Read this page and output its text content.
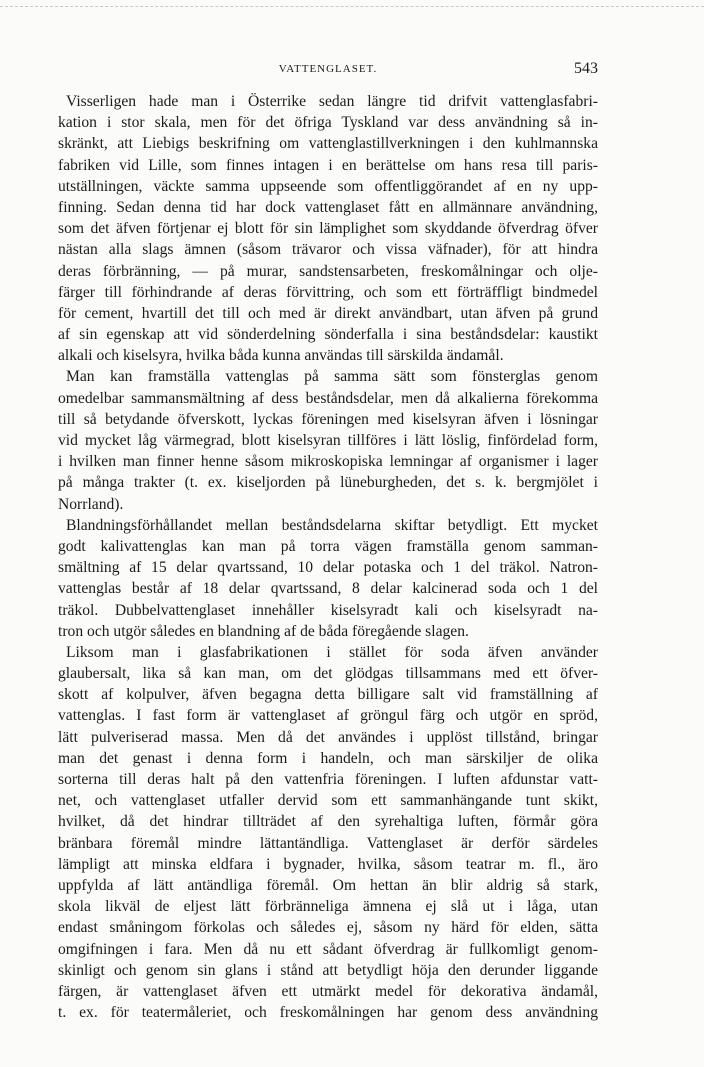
VATTENGLASET.	543
Visserligen hade man i Österrike sedan längre tid drifvit vattenglasfabri-
kation i stor skala, men för det öfriga Tyskland var dess användning så in-
skränkt, att Liebigs beskrifning om vattenglastillverkningen i den kuhlmannska
fabriken vid Lille, som finnes intagen i en berättelse om hans resa till paris-
utställningen, väckte samma uppseende som offentliggörandet af en ny upp-
finning. Sedan denna tid har dock vattenglaset fått en allmännare användning,
som det äfven förtjenar ej blott för sin lämplighet som skyddande öfverdrag öfver
nästan alla slags ämnen (såsom trävaror och vissa väfnader), för att hindra
deras förbränning, — på murar, sandstensarbeten, freskomålningar och olje-
färger till förhindrande af deras förvittring, och som ett förträffligt bindmedel
för cement, hvartill det till och med är direkt användbart, utan äfven på grund
af sin egenskap att vid sönderdelning sönderfalla i sina beståndsdelar: kaustikt
alkali och kiselsyra, hvilka båda kunna användas till särskilda ändamål.
Man kan framställa vattenglas på samma sätt som fönsterglas genom
omedelbar sammansmältning af dess beståndsdelar, men då alkalierna förekomma
till så betydande öfverskott, lyckas föreningen med kiselsyran äfven i lösningar
vid mycket låg värmegrad, blott kiselsyran tillföres i lätt löslig, finfördelad form,
i hvilken man finner henne såsom mikroskopiska lemningar af organismer i lager
på många trakter (t. ex. kiseljorden på lüneburgheden, det s. k. bergmjölet i
Norrland).
Blandningsförhållandet mellan beståndsdelarna skiftar betydligt. Ett mycket
godt kalivattenglas kan man på torra vägen framställa genom samman-
smältning af 15 delar qvartssand, 10 delar potaska och 1 del träkol. Natron-
vattenglas består af 18 delar qvartssand, 8 delar kalcinerad soda och 1 del
träkol. Dubbelvattenglaset innehåller kiselsyradt kali och kiselsyradt na-
tron och utgör således en blandning af de båda föregående slagen.
Liksom man i glasfabrikationen i stället för soda äfven använder
glaubersalt, lika så kan man, om det glödgas tillsammans med ett öfver-
skott af kolpulver, äfven begagna detta billigare salt vid framställning af
vattenglas. I fast form är vattenglaset af gröngul färg och utgör en spröd,
lätt pulveriserad massa. Men då det användes i upplöst tillstånd, bringar
man det genast i denna form i handeln, och man särskiljer de olika
sorterna till deras halt på den vattenfria föreningen. I luften afdunstar vatt-
net, och vattenglaset utfaller dervid som ett sammanhängande tunt skikt,
hvilket, då det hindrar tillträdet af den syrehaltiga luften, förmår göra
bränbara föremål mindre lättantändliga. Vattenglaset är derför särdeles
lämpligt att minska eldfara i bygnader, hvilka, såsom teatrar m. fl., äro
uppfylda af lätt antändliga föremål. Om hettan än blir aldrig så stark,
skola likväl de eljest lätt förbränneliga ämnena ej slå ut i låga, utan
endast småningom förkolas och således ej, såsom ny härd för elden, sätta
omgifningen i fara. Men då nu ett sådant öfverdrag är fullkomligt genom-
skinligt och genom sin glans i stånd att betydligt höja den derunder liggande
färgen, är vattenglaset äfven ett utmärkt medel för dekorativa ändamål,
t. ex. för teatermåleriet, och freskomålningen har genom dess användning
